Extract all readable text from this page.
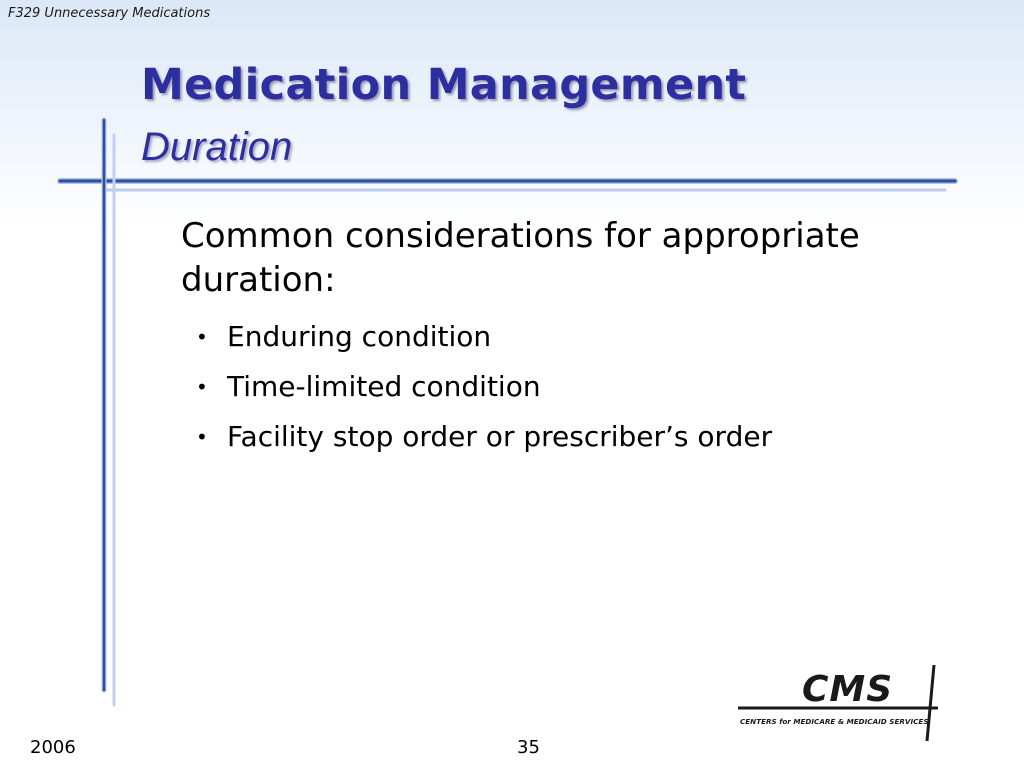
F329 Unnecessary Medications
Medication Management
Duration

Common considerations for appropriate duration:

• Enduring condition
• Time-limited condition
• Facility stop order or prescriber’s order
CMS
CENTERS for MEDICARE & MEDICAID SERVICES
2006	35
